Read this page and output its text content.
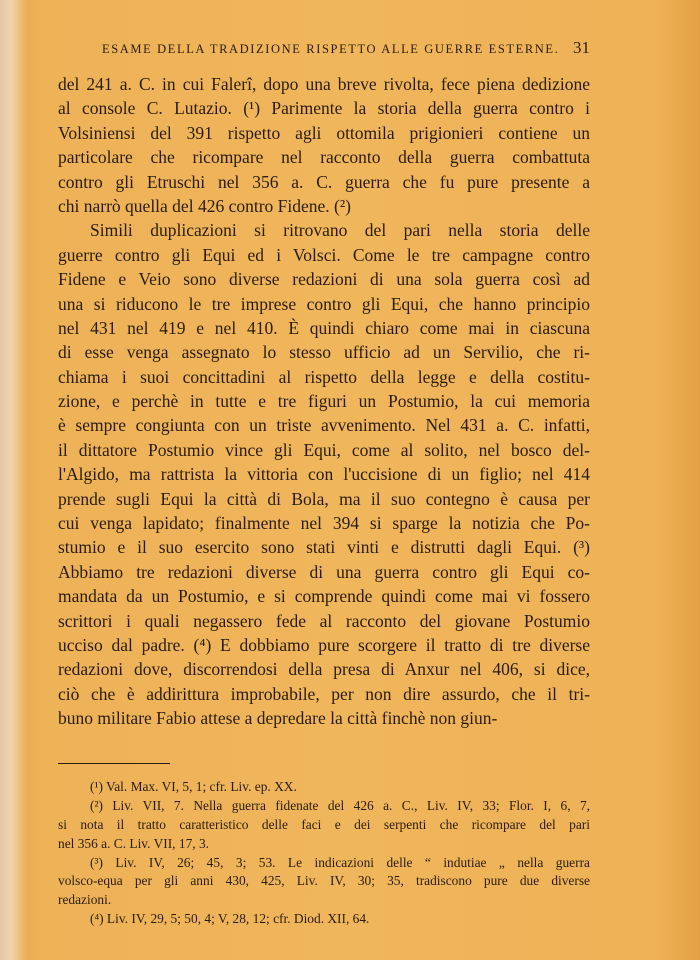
ESAME DELLA TRADIZIONE RISPETTO ALLE GUERRE ESTERNE. 31
del 241 a. C. in cui Falerî, dopo una breve rivolta, fece piena dedizione
al console C. Lutazio. (¹) Parimente la storia della guerra contro i
Volsiniensi del 391 rispetto agli ottomila prigionieri contiene un
particolare che ricompare nel racconto della guerra combattuta
contro gli Etruschi nel 356 a. C. guerra che fu pure presente a
chi narrò quella del 426 contro Fidene. (²)
Simili duplicazioni si ritrovano del pari nella storia delle
guerre contro gli Equi ed i Volsci. Come le tre campagne contro
Fidene e Veio sono diverse redazioni di una sola guerra così ad
una si riducono le tre imprese contro gli Equi, che hanno principio
nel 431 nel 419 e nel 410. È quindi chiaro come mai in ciascuna
di esse venga assegnato lo stesso ufficio ad un Servilio, che ri-
chiama i suoi concittadini al rispetto della legge e della costitu-
zione, e perchè in tutte e tre figuri un Postumio, la cui memoria
è sempre congiunta con un triste avvenimento. Nel 431 a. C. infatti,
il dittatore Postumio vince gli Equi, come al solito, nel bosco del-
l'Algido, ma rattrista la vittoria con l'uccisione di un figlio; nel 414
prende sugli Equi la città di Bola, ma il suo contegno è causa per
cui venga lapidato; finalmente nel 394 si sparge la notizia che Po-
stumio e il suo esercito sono stati vinti e distrutti dagli Equi. (³)
Abbiamo tre redazioni diverse di una guerra contro gli Equi co-
mandata da un Postumio, e si comprende quindi come mai vi fossero
scrittori i quali negassero fede al racconto del giovane Postumio
ucciso dal padre. (⁴) E dobbiamo pure scorgere il tratto di tre diverse
redazioni dove, discorrendosi della presa di Anxur nel 406, si dice,
ciò che è addirittura improbabile, per non dire assurdo, che il tri-
buno militare Fabio attese a depredare la città finchè non giun-
(¹) Val. Max. VI, 5, 1; cfr. Liv. ep. XX.
(²) Liv. VII, 7. Nella guerra fidenate del 426 a. C., Liv. IV, 33; Flor. I, 6, 7,
si nota il tratto caratteristico delle faci e dei serpenti che ricompare del pari
nel 356 a. C. Liv. VII, 17, 3.
(³) Liv. IV, 26; 45, 3; 53. Le indicazioni delle “ indutiae „ nella guerra
volsco-equa per gli anni 430, 425, Liv. IV, 30; 35, tradiscono pure due diverse
redazioni.
(⁴) Liv. IV, 29, 5; 50, 4; V, 28, 12; cfr. Diod. XII, 64.
